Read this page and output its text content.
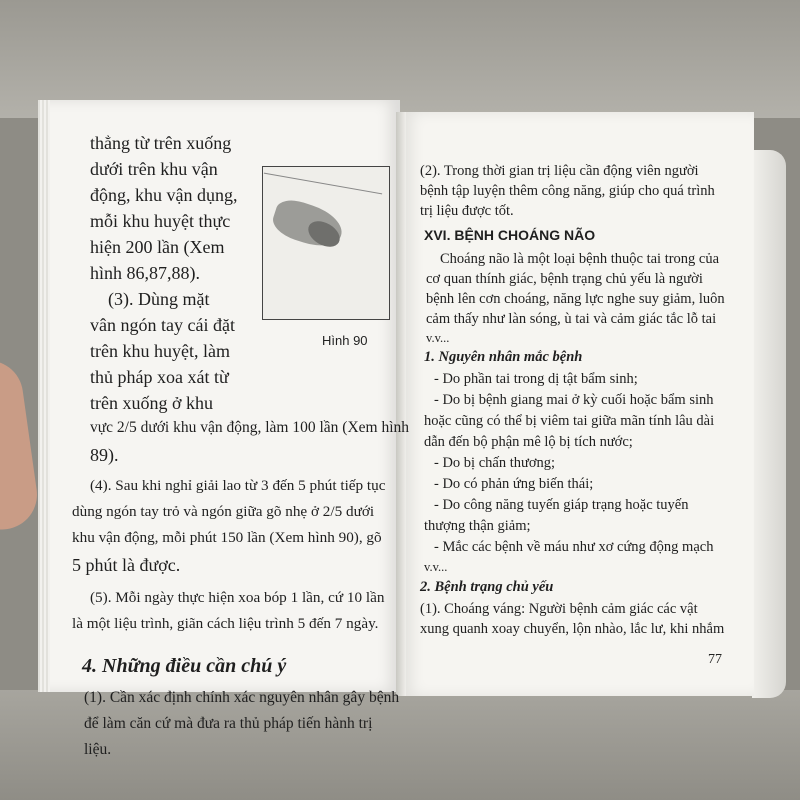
Hình 90
thẳng từ trên xuống
dưới trên khu vận
động, khu vận dụng,
mỗi khu huyệt thực
hiện 200 lần (Xem
hình 86,87,88).
(3). Dùng mặt
vân ngón tay cái đặt
trên khu huyệt, làm
thủ pháp xoa xát từ
trên xuống ở khu
vực 2/5 dưới khu vận động, làm 100 lần (Xem hình
89).
(4). Sau khi nghỉ giải lao từ 3 đến 5 phút tiếp tục
dùng ngón tay trỏ và ngón giữa gõ nhẹ ở 2/5 dưới
khu vận động, mỗi phút 150 lần (Xem hình 90), gõ
5 phút là được.
(5). Mỗi ngày thực hiện xoa bóp 1 lần, cứ 10 lần
là một liệu trình, giãn cách liệu trình 5 đến 7 ngày.
4. Những điều cần chú ý
(1). Cần xác định chính xác nguyên nhân gây bệnh
để làm căn cứ mà đưa ra thủ pháp tiến hành trị
liệu.
(2). Trong thời gian trị liệu cần động viên người
bệnh tập luyện thêm công năng, giúp cho quá trình
trị liệu được tốt.
XVI. BỆNH CHOÁNG NÃO
Choáng não là một loại bệnh thuộc tai trong của
cơ quan thính giác, bệnh trạng chủ yếu là người
bệnh lên cơn choáng, năng lực nghe suy giảm, luôn
cảm thấy như làn sóng, ù tai và cảm giác tắc lỗ tai
v.v...
1. Nguyên nhân mắc bệnh
- Do phần tai trong dị tật bẩm sinh;
- Do bị bệnh giang mai ở kỳ cuối hoặc bẩm sinh
hoặc cũng có thể bị viêm tai giữa mãn tính lâu dài
dẫn đến bộ phận mê lộ bị tích nước;
- Do bị chấn thương;
- Do có phản ứng biến thái;
- Do công năng tuyến giáp trạng hoặc tuyến
thượng thận giảm;
- Mắc các bệnh về máu như xơ cứng động mạch
v.v...
2. Bệnh trạng chủ yếu
(1). Choáng váng: Người bệnh cảm giác các vật
xung quanh xoay chuyển, lộn nhào, lắc lư, khi nhắm
77
